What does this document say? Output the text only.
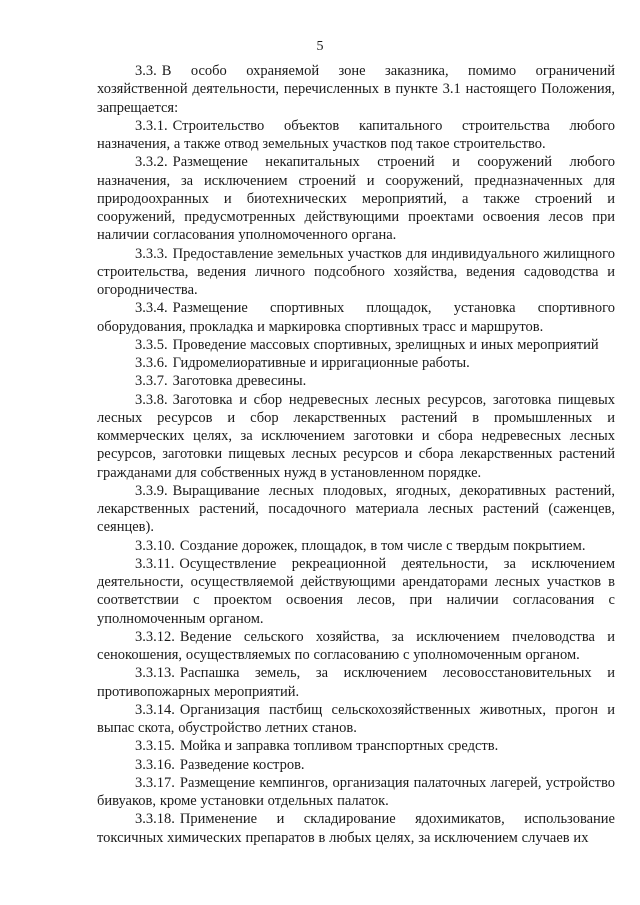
5

3.3. В особо охраняемой зоне заказника, помимо ограничений хозяйственной деятельности, перечисленных в пункте 3.1 настоящего Положения, запрещается:

3.3.1. Строительство объектов капитального строительства любого назначения, а также отвод земельных участков под такое строительство.

3.3.2. Размещение некапитальных строений и сооружений любого назначения, за исключением строений и сооружений, предназначенных для природоохранных и биотехнических мероприятий, а также строений и сооружений, предусмотренных действующими проектами освоения лесов при наличии согласования уполномоченного органа.

3.3.3. Предоставление земельных участков для индивидуального жилищного строительства, ведения личного подсобного хозяйства, ведения садоводства и огородничества.

3.3.4. Размещение спортивных площадок, установка спортивного оборудования, прокладка и маркировка спортивных трасс и маршрутов.

3.3.5. Проведение массовых спортивных, зрелищных и иных мероприятий

3.3.6. Гидромелиоративные и ирригационные работы.

3.3.7. Заготовка древесины.

3.3.8. Заготовка и сбор недревесных лесных ресурсов, заготовка пищевых лесных ресурсов и сбор лекарственных растений в промышленных и коммерческих целях, за исключением заготовки и сбора недревесных лесных ресурсов, заготовки пищевых лесных ресурсов и сбора лекарственных растений гражданами для собственных нужд в установленном порядке.

3.3.9. Выращивание лесных плодовых, ягодных, декоративных растений, лекарственных растений, посадочного материала лесных растений (саженцев, сеянцев).

3.3.10. Создание дорожек, площадок, в том числе с твердым покрытием.

3.3.11. Осуществление рекреационной деятельности, за исключением деятельности, осуществляемой действующими арендаторами лесных участков в соответствии с проектом освоения лесов, при наличии согласования с уполномоченным органом.

3.3.12. Ведение сельского хозяйства, за исключением пчеловодства и сенокошения, осуществляемых по согласованию с уполномоченным органом.

3.3.13. Распашка земель, за исключением лесовосстановительных и противопожарных мероприятий.

3.3.14. Организация пастбищ сельскохозяйственных животных, прогон и выпас скота, обустройство летних станов.

3.3.15. Мойка и заправка топливом транспортных средств.

3.3.16. Разведение костров.

3.3.17. Размещение кемпингов, организация палаточных лагерей, устройство бивуаков, кроме установки отдельных палаток.

3.3.18. Применение и складирование ядохимикатов, использование токсичных химических препаратов в любых целях, за исключением случаев их
